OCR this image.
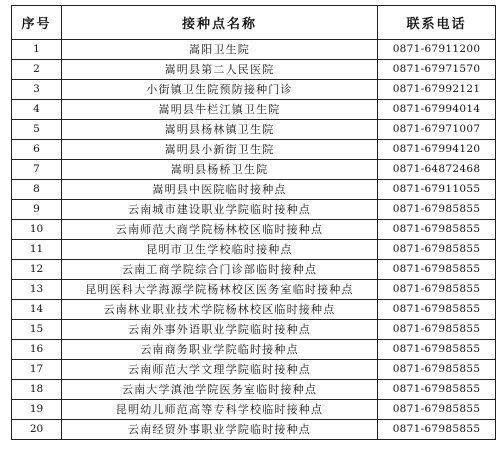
序号	接种点名称	联系电话
1	嵩阳卫生院	0871-67911200
2	嵩明县第二人民医院	0871-67971570
3	小街镇卫生院预防接种门诊	0871-67992121
4	嵩明县牛栏江镇卫生院	0871-67994014
5	嵩明县杨林镇卫生院	0871-67971007
6	嵩明县小新街卫生院	0871-67994120
7	嵩明县杨桥卫生院	0871-64872468
8	嵩明县中医院临时接种点	0871-67911055
9	云南城市建设职业学院临时接种点	0871-67985855
10	云南师范大商学院杨林校区临时接种点	0871-67985855
11	昆明市卫生学校临时接种点	0871-67985855
12	云南工商学院综合门诊部临时接种点	0871-67985855
13	昆明医科大学海源学院杨林校区医务室临时接种点	0871-67985855
14	云南林业职业技术学院杨林校区临时接种点	0871-67985855
15	云南外事外语职业学院临时接种点	0871-67985855
16	云南商务职业学院临时接种点	0871-67985855
17	云南师范大学文理学院临时接种点	0871-67985855
18	云南大学滇池学院医务室临时接种点	0871-67985855
19	昆明幼儿师范高等专科学校临时接种点	0871-67985855
20	云南经贸外事职业学院临时接种点	0871-67985855
